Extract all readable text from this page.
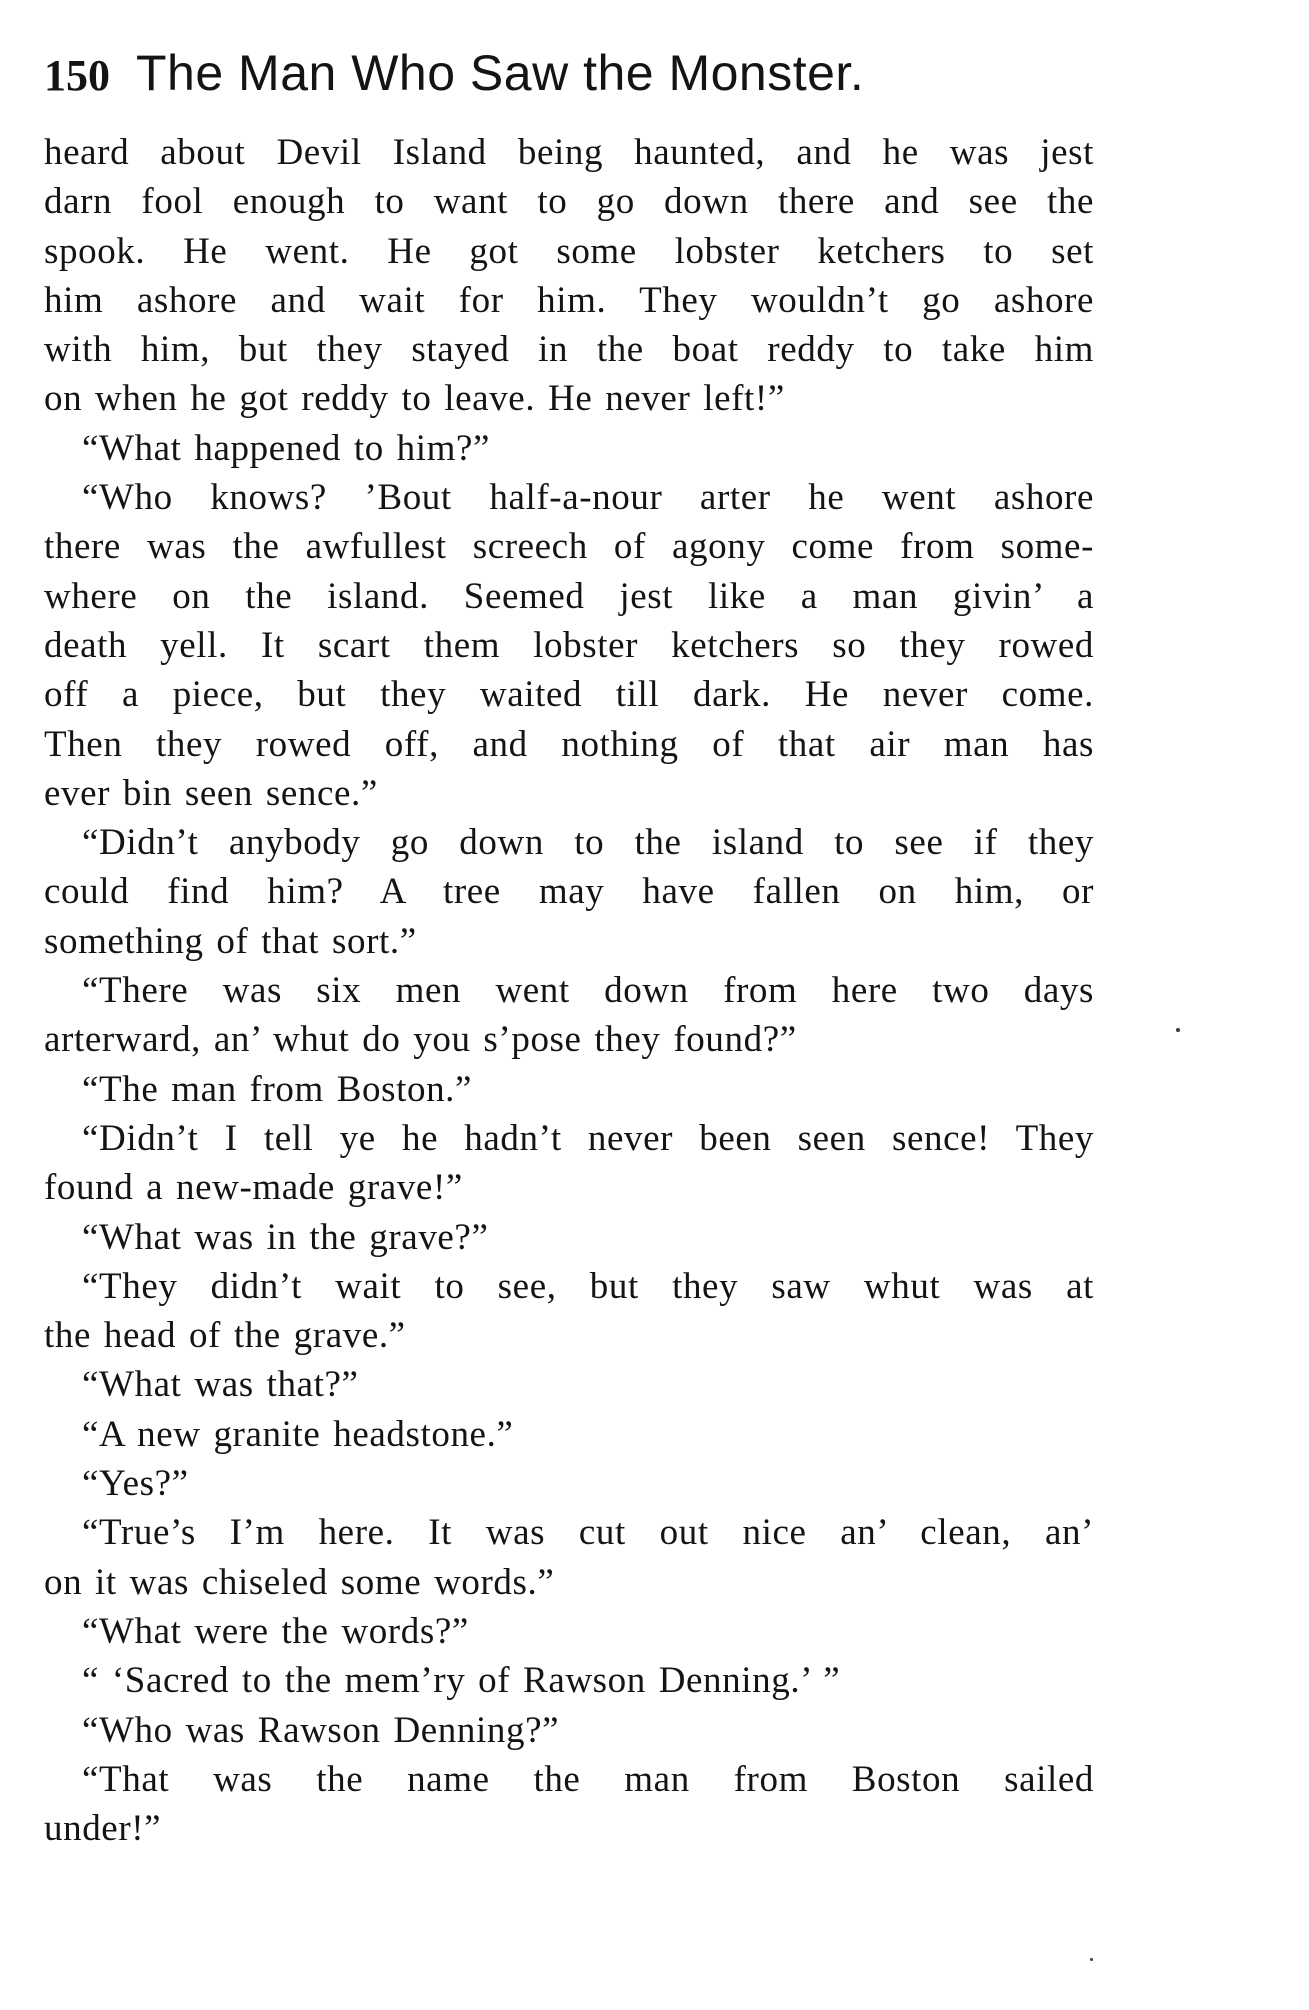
150 The Man Who Saw the Monster.
heard about Devil Island being haunted, and he was jest
darn fool enough to want to go down there and see the
spook. He went. He got some lobster ketchers to set
him ashore and wait for him. They wouldn’t go ashore
with him, but they stayed in the boat reddy to take him
on when he got reddy to leave. He never left!”
“What happened to him?”
“Who knows? ’Bout half-a-nour arter he went ashore
there was the awfullest screech of agony come from some-
where on the island. Seemed jest like a man givin’ a
death yell. It scart them lobster ketchers so they rowed
off a piece, but they waited till dark. He never come.
Then they rowed off, and nothing of that air man has
ever bin seen sence.”
“Didn’t anybody go down to the island to see if they
could find him? A tree may have fallen on him, or
something of that sort.”
“There was six men went down from here two days
arterward, an’ whut do you s’pose they found?”
“The man from Boston.”
“Didn’t I tell ye he hadn’t never been seen sence! They
found a new-made grave!”
“What was in the grave?”
“They didn’t wait to see, but they saw whut was at
the head of the grave.”
“What was that?”
“A new granite headstone.”
“Yes?”
“True’s I’m here. It was cut out nice an’ clean, an’
on it was chiseled some words.”
“What were the words?”
“ ‘Sacred to the mem’ry of Rawson Denning.’ ”
“Who was Rawson Denning?”
“That was the name the man from Boston sailed
under!”
